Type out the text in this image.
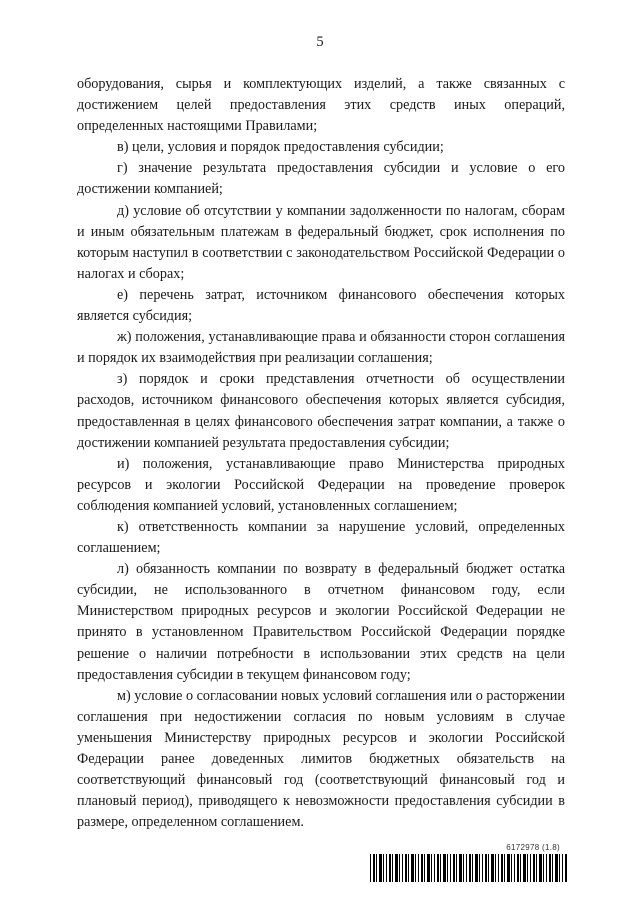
5

оборудования, сырья и комплектующих изделий, а также связанных с достижением целей предоставления этих средств иных операций, определенных настоящими Правилами;

в) цели, условия и порядок предоставления субсидии;

г) значение результата предоставления субсидии и условие о его достижении компанией;

д) условие об отсутствии у компании задолженности по налогам, сборам и иным обязательным платежам в федеральный бюджет, срок исполнения по которым наступил в соответствии с законодательством Российской Федерации о налогах и сборах;

е) перечень затрат, источником финансового обеспечения которых является субсидия;

ж) положения, устанавливающие права и обязанности сторон соглашения и порядок их взаимодействия при реализации соглашения;

з) порядок и сроки представления отчетности об осуществлении расходов, источником финансового обеспечения которых является субсидия, предоставленная в целях финансового обеспечения затрат компании, а также о достижении компанией результата предоставления субсидии;

и) положения, устанавливающие право Министерства природных ресурсов и экологии Российской Федерации на проведение проверок соблюдения компанией условий, установленных соглашением;

к) ответственность компании за нарушение условий, определенных соглашением;

л) обязанность компании по возврату в федеральный бюджет остатка субсидии, не использованного в отчетном финансовом году, если Министерством природных ресурсов и экологии Российской Федерации не принято в установленном Правительством Российской Федерации порядке решение о наличии потребности в использовании этих средств на цели предоставления субсидии в текущем финансовом году;

м) условие о согласовании новых условий соглашения или о расторжении соглашения при недостижении согласия по новым условиям в случае уменьшения Министерству природных ресурсов и экологии Российской Федерации ранее доведенных лимитов бюджетных обязательств на соответствующий финансовый год (соответствующий финансовый год и плановый период), приводящего к невозможности предоставления субсидии в размере, определенном соглашением.

6172978 (1.8)
